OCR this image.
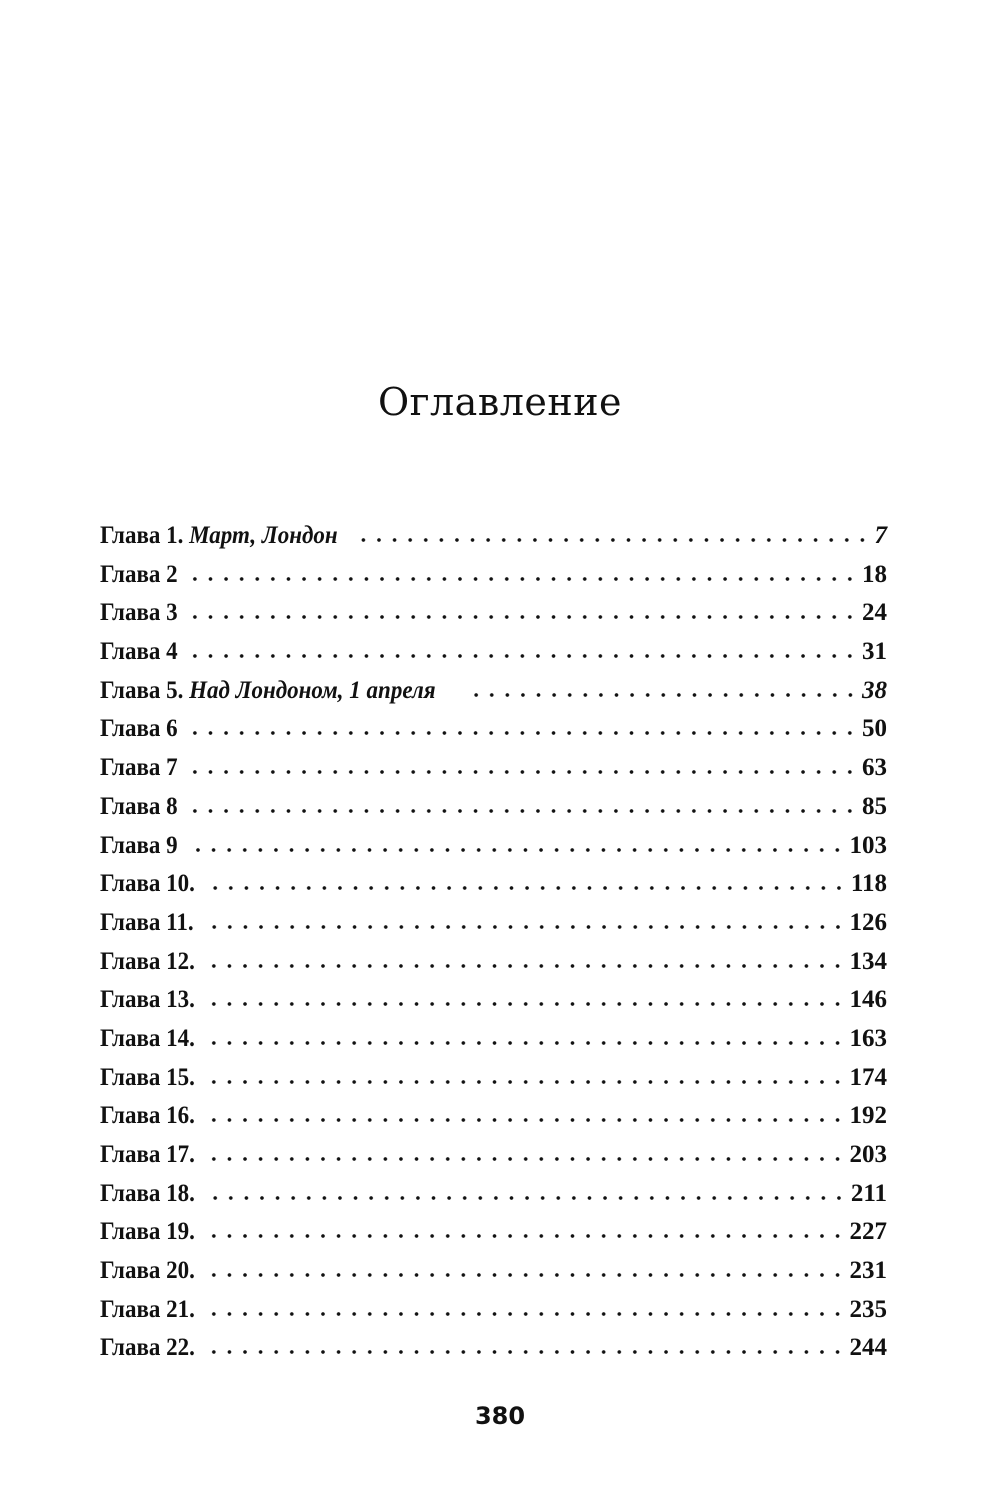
Оглавление
Глава 1. Март, Лондон	7
Глава 2	18
Глава 3	24
Глава 4	31
Глава 5. Над Лондоном, 1 апреля	38
Глава 6	50
Глава 7	63
Глава 8	85
Глава 9	103
Глава 10.	118
Глава 11.	126
Глава 12.	134
Глава 13.	146
Глава 14.	163
Глава 15.	174
Глава 16.	192
Глава 17.	203
Глава 18.	211
Глава 19.	227
Глава 20.	231
Глава 21.	235
Глава 22.	244
380
